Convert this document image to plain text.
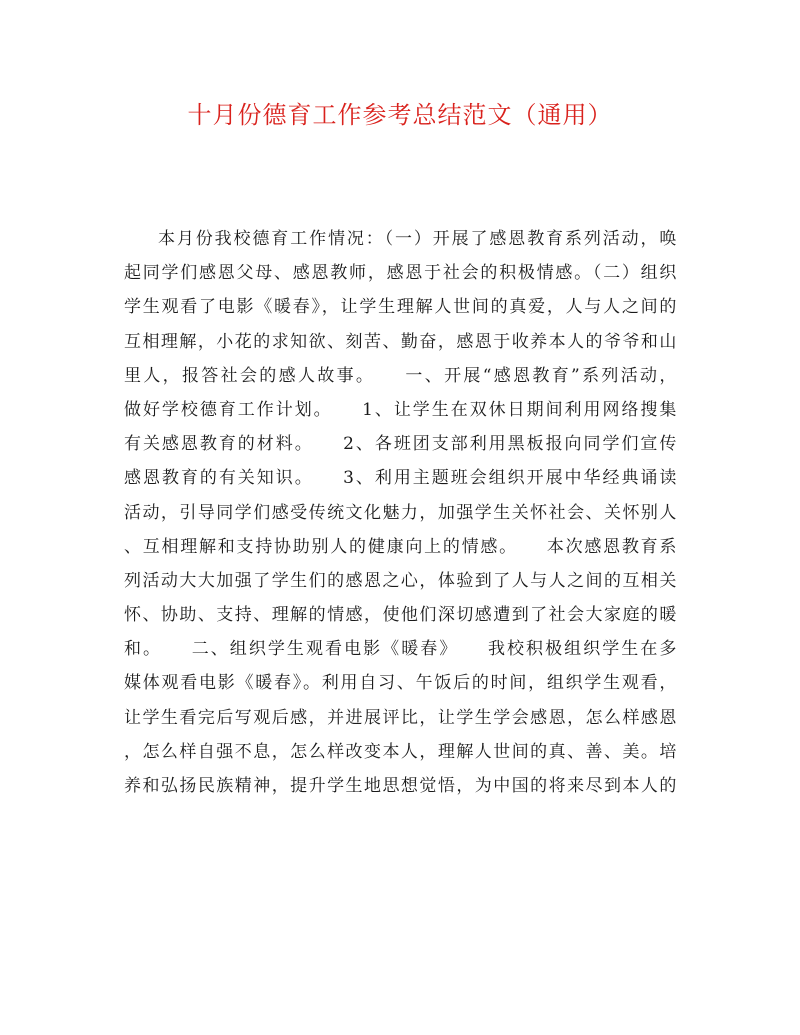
十月份德育工作参考总结范文（通用）
本月份我校德育工作情况：（一）开展了感恩教育系列活动，唤
起同学们感恩父母、感恩教师，感恩于社会的积极情感。（二）组织
学生观看了电影《暖春》，让学生理解人世间的真爱，人与人之间的
互相理解，小花的求知欲、刻苦、勤奋，感恩于收养本人的爷爷和山
里人，报答社会的感人故事。　　一、开展“感恩教育”系列活动，
做好学校德育工作计划。　　1、让学生在双休日期间利用网络搜集
有关感恩教育的材料。　　2、各班团支部利用黑板报向同学们宣传
感恩教育的有关知识。　　3、利用主题班会组织开展中华经典诵读
活动，引导同学们感受传统文化魅力，加强学生关怀社会、关怀别人
、互相理解和支持协助别人的健康向上的情感。　　本次感恩教育系
列活动大大加强了学生们的感恩之心，体验到了人与人之间的互相关
怀、协助、支持、理解的情感，使他们深切感遭到了社会大家庭的暖
和。　　二、组织学生观看电影《暖春》　　我校积极组织学生在多
媒体观看电影《暖春》。利用自习、午饭后的时间，组织学生观看，
让学生看完后写观后感，并进展评比，让学生学会感恩，怎么样感恩
，怎么样自强不息，怎么样改变本人，理解人世间的真、善、美。培
养和弘扬民族精神，提升学生地思想觉悟，为中国的将来尽到本人的
